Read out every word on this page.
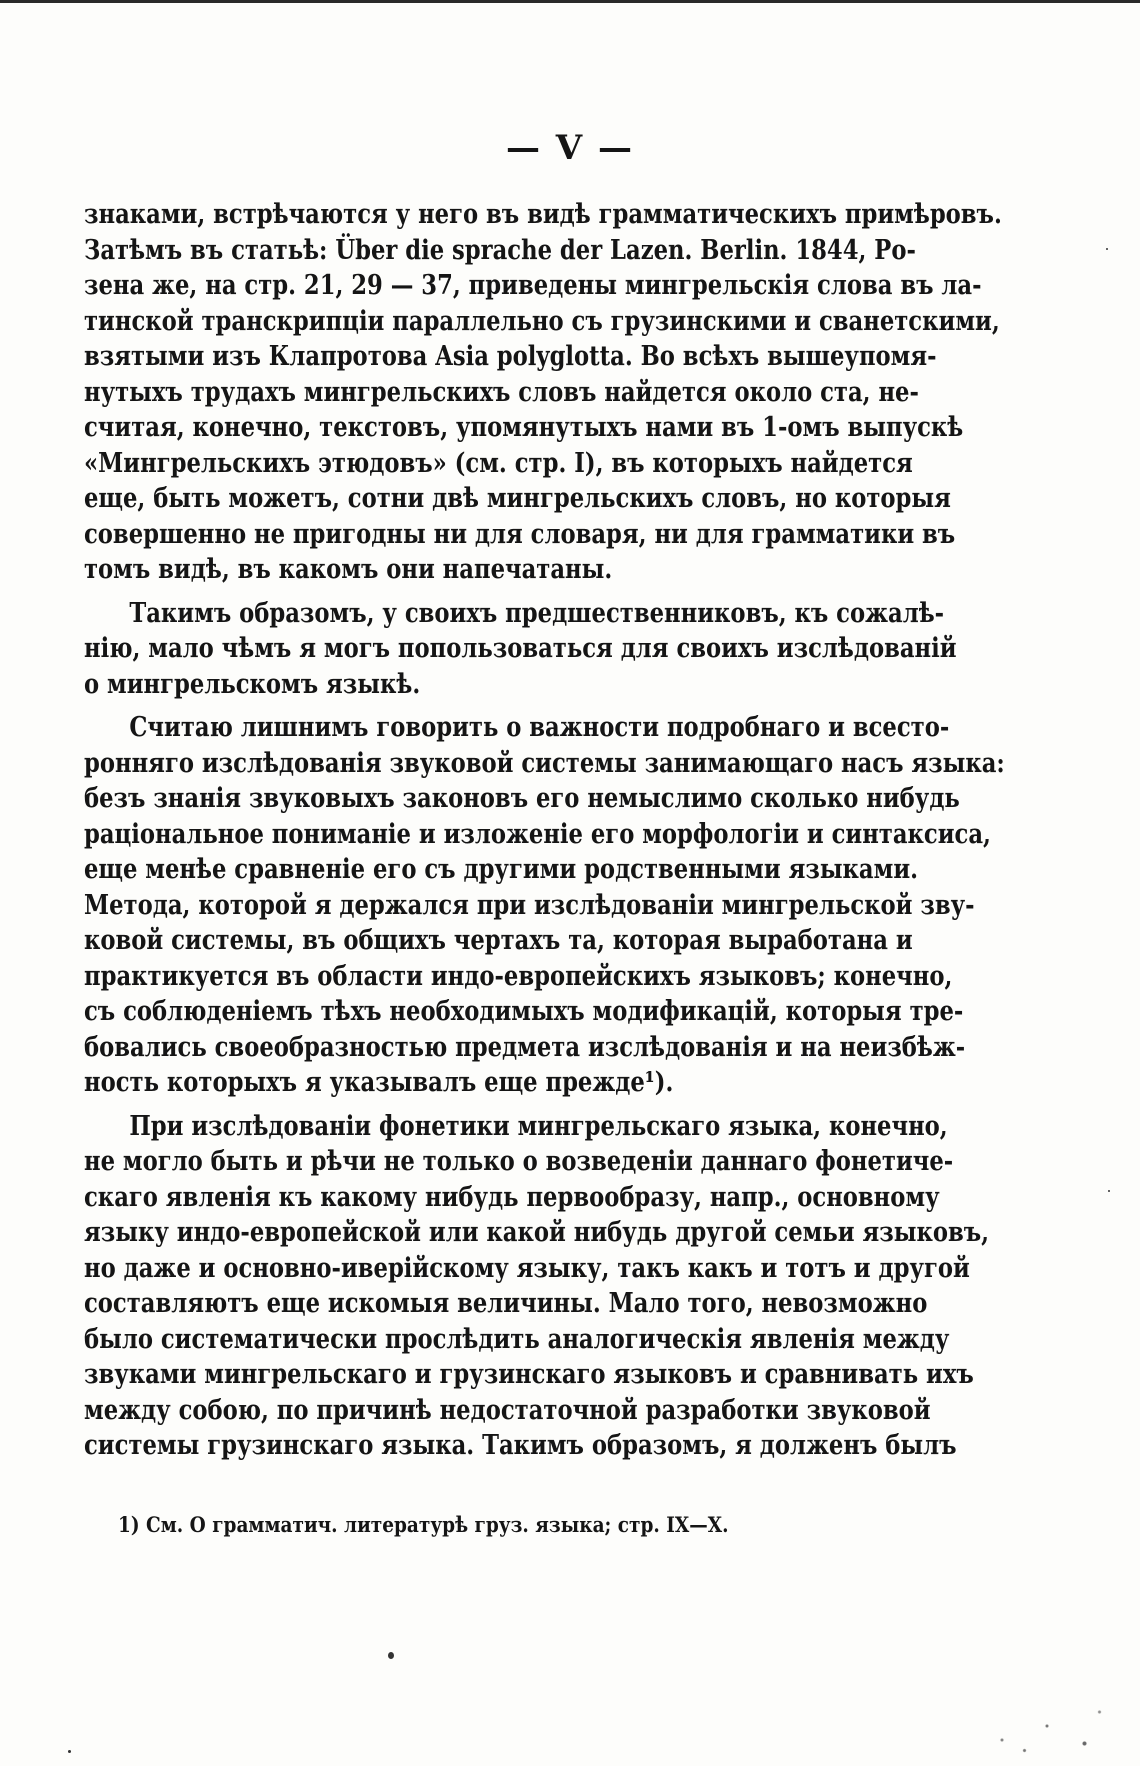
— V —
знаками, встрѣчаются у него въ видѣ грамматическихъ примѣровъ.
Затѣмъ въ статьѣ: Über die sprache der Lazen. Berlin. 1844, Ро-
зена же, на стр. 21, 29 — 37, приведены мингрельскія слова въ ла-
тинской транскрипціи параллельно съ грузинскими и сванетскими,
взятыми изъ Клапротова Asia polyglotta. Во всѣхъ вышеупомя-
нутыхъ трудахъ мингрельскихъ словъ найдется около ста, не-
считая, конечно, текстовъ, упомянутыхъ нами въ 1-омъ выпускѣ
«Мингрельскихъ этюдовъ» (см. стр. I), въ которыхъ найдется
еще, быть можетъ, сотни двѣ мингрельскихъ словъ, но которыя
совершенно не пригодны ни для словаря, ни для грамматики въ
томъ видѣ, въ какомъ они напечатаны.
Такимъ образомъ, у своихъ предшественниковъ, къ сожалѣ-
нію, мало чѣмъ я могъ попользоваться для своихъ изслѣдованій
о мингрельскомъ языкѣ.
Считаю лишнимъ говорить о важности подробнаго и всесто-
ронняго изслѣдованія звуковой системы занимающаго насъ языка:
безъ знанія звуковыхъ законовъ его немыслимо сколько нибудь
раціональное пониманіе и изложеніе его морфологіи и синтаксиса,
еще менѣе сравненіе его съ другими родственными языками.
Метода, которой я держался при изслѣдованіи мингрельской зву-
ковой системы, въ общихъ чертахъ та, которая выработана и
практикуется въ области индо-европейскихъ языковъ; конечно,
съ соблюденіемъ тѣхъ необходимыхъ модификацій, которыя тре-
бовались своеобразностью предмета изслѣдованія и на неизбѣж-
ность которыхъ я указывалъ еще прежде¹).
При изслѣдованіи фонетики мингрельскаго языка, конечно,
не могло быть и рѣчи не только о возведеніи даннаго фонетиче-
скаго явленія къ какому нибудь первообразу, напр., основному
языку индо-европейской или какой нибудь другой семьи языковъ,
но даже и основно-иверійскому языку, такъ какъ и тотъ и другой
составляютъ еще искомыя величины. Мало того, невозможно
было систематически прослѣдить аналогическія явленія между
звуками мингрельскаго и грузинскаго языковъ и сравнивать ихъ
между собою, по причинѣ недостаточной разработки звуковой
системы грузинскаго языка. Такимъ образомъ, я долженъ былъ
1) См. О грамматич. литературѣ груз. языка; стр. IX—X.
